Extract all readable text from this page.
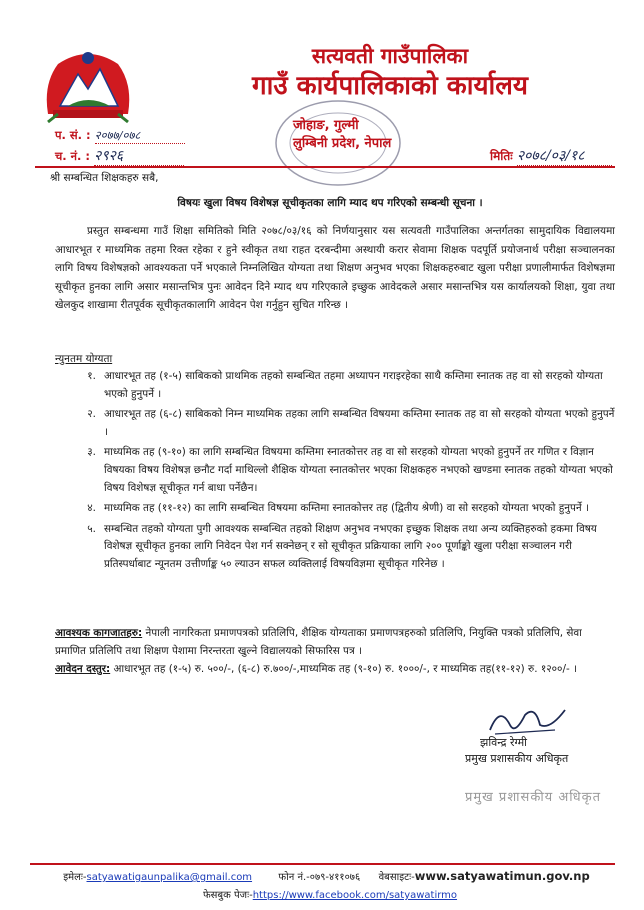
सत्यवती गाउँपालिका
गाउँ कार्यपालिकाको कार्यालय
जोहाङ, गुल्मी
लुम्बिनी प्रदेश, नेपाल
प. सं. : २०७७/०७८
च. नं. : २९२६	मितिः २०७८/०३/१८
श्री सम्बन्धित शिक्षकहरु सबै,
विषयः खुला विषय विशेषज्ञ सूचीकृतका लागि म्याद थप गरिएको सम्बन्धी सूचना ।
प्रस्तुत सम्बन्धमा गाउँ शिक्षा समितिको मिति २०७८/०३/१६ को निर्णयानुसार यस सत्यवती गाउँपालिका अन्तर्गतका सामुदायिक विद्यालयमा आधारभूत र माध्यमिक तहमा रिक्त रहेका र हुने स्वीकृत तथा राहत दरबन्दीमा अस्थायी करार सेवामा शिक्षक पदपूर्ति प्रयोजनार्थ परीक्षा सञ्चालनका लागि विषय विशेषज्ञको आवश्यकता पर्ने भएकाले निम्नलिखित योग्यता तथा शिक्षण अनुभव भएका शिक्षकहरुबाट खुला परीक्षा प्रणालीमार्फत विशेषज्ञमा सूचीकृत हुनका लागि असार मसान्तभित्र पुनः आवेदन दिने म्याद थप गरिएकाले इच्छुक आवेदकले असार मसान्तभित्र यस कार्यालयको शिक्षा, युवा तथा खेलकुद शाखामा रीतपूर्वक सूचीकृतकालागि आवेदन पेश गर्नुहुन सुचित गरिन्छ ।
न्युनतम योग्यता
१. आधारभूत तह (१-५) साबिकको प्राथमिक तहको सम्बन्धित तहमा अध्यापन गराइरहेका साथै कम्तिमा स्नातक तह वा सो सरहको योग्यता भएको हुनुपर्ने ।
२. आधारभूत तह (६-८) साबिकको निम्न माध्यमिक तहका लागि सम्बन्धित विषयमा कम्तिमा स्नातक तह वा सो सरहको योग्यता भएको हुनुपर्ने ।
३. माध्यमिक तह (९-१०) का लागि सम्बन्धित विषयमा कम्तिमा स्नातकोत्तर तह वा सो सरहको योग्यता भएको हुनुपर्ने तर गणित र विज्ञान विषयका विषय विशेषज्ञ छनौट गर्दा माथिल्लो शैक्षिक योग्यता स्नातकोत्तर भएका शिक्षकहरु नभएको खण्डमा स्नातक तहको योग्यता भएको विषय विशेषज्ञ सूचीकृत गर्न बाधा पर्नेछैन।
४. माध्यमिक तह (११-१२) का लागि सम्बन्धित विषयमा कम्तिमा स्नातकोत्तर तह (द्वितीय श्रेणी) वा सो सरहको योग्यता भएको हुनुपर्ने ।
५. सम्बन्धित तहको योग्यता पुगी आवश्यक सम्बन्धित तहको शिक्षण अनुभव नभएका इच्छुक शिक्षक तथा अन्य व्यक्तिहरुको हकमा विषय विशेषज्ञ सूचीकृत हुनका लागि निवेदन पेश गर्न सक्नेछन् र सो सूचीकृत प्रक्रियाका लागि २०० पूर्णाङ्को खुला परीक्षा सञ्चालन गरी प्रतिस्पर्धाबाट न्यूनतम उत्तीर्णाङ्क ५० ल्याउन सफल व्यक्तिलाई विषयविज्ञमा सूचीकृत गरिनेछ ।
आवश्यक कागजातहरु: नेपाली नागरिकता प्रमाणपत्रको प्रतिलिपि, शैक्षिक योग्यताका प्रमाणपत्रहरुको प्रतिलिपि, नियुक्ति पत्रको प्रतिलिपि, सेवा प्रमाणित प्रतिलिपि तथा शिक्षण पेशामा निरन्तरता खुल्ने विद्यालयको सिफारिस पत्र ।
आवेदन दस्तुर: आधारभूत तह (१-५) रु. ५००/-, (६-८) रु.७००/-,माध्यमिक तह (९-१०) रु. १०००/-, र माध्यमिक तह(११-१२) रु. १२००/- ।
झविन्द्र रेग्मी
प्रमुख प्रशासकीय अधिकृत
प्रमुख प्रशासकीय अधिकृत
इमेलः-satyawatigaunpalika@gmail.com	फोन नं.-०७९-४११०७६ वेबसाइटः-www.satyawatimun.gov.np
फेसबुक पेजः-https://www.facebook.com/satyawatirmo
